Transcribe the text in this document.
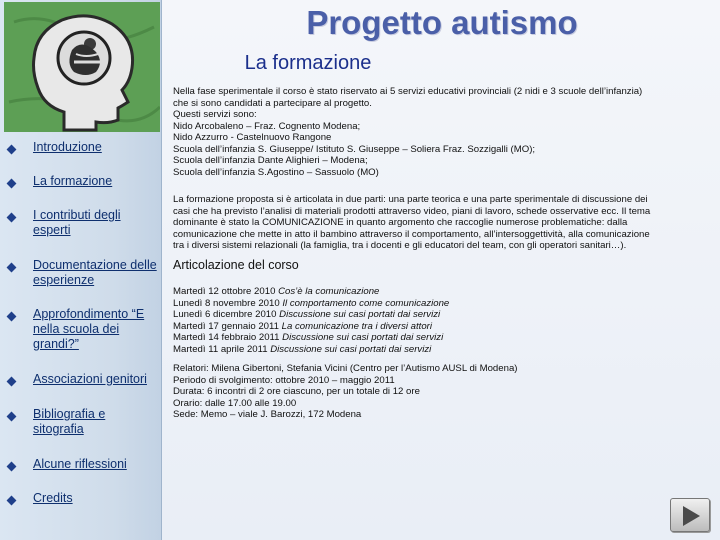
Introduzione
La formazione
I contributi degli esperti
Documentazione delle esperienze
Approfondimento “E nella scuola dei grandi?”
Associazioni genitori
Bibliografia e sitografia
Alcune riflessioni
Credits
Progetto autismo
La formazione

Nella fase sperimentale il corso è stato riservato ai 5 servizi educativi provinciali (2 nidi e 3 scuole dell’infanzia)

che si sono candidati a partecipare al progetto.

Questi servizi sono:

Nido Arcobaleno – Fraz. Cognento Modena;

Nido Azzurro - Castelnuovo Rangone

Scuola dell’infanzia S. Giuseppe/ Istituto S. Giuseppe – Soliera Fraz. Sozzigalli (MO);

Scuola dell’infanzia Dante Alighieri – Modena;

Scuola dell’infanzia S.Agostino – Sassuolo (MO)

La formazione proposta si è articolata in due parti: una parte teorica e una parte sperimentale di discussione dei

casi che ha previsto l’analisi di materiali prodotti attraverso video, piani di lavoro, schede osservative ecc. Il tema

dominante è stato la COMUNICAZIONE in quanto argomento che raccoglie numerose problematiche: dalla

comunicazione che mette in atto il bambino attraverso il comportamento, all’intersoggettività, alla comunicazione

tra i diversi sistemi relazionali (la famiglia, tra i docenti e gli educatori del team, con gli operatori sanitari…).

Articolazione del corso

Martedì 12 ottobre 2010 Cos’è la comunicazione

Lunedì 8 novembre 2010 Il comportamento come comunicazione

Lunedì 6 dicembre 2010 Discussione sui casi portati dai servizi

Martedì 17 gennaio 2011 La comunicazione tra i diversi attori

Martedì 14 febbraio 2011 Discussione sui casi portati dai servizi

Martedì 11 aprile 2011 Discussione sui casi portati dai servizi

Relatori: Milena Gibertoni, Stefania Vicini (Centro per l’Autismo AUSL di Modena)

Periodo di svolgimento: ottobre 2010 – maggio 2011

Durata: 6 incontri di 2 ore ciascuno, per un totale di 12 ore

Orario: dalle 17.00 alle 19.00

Sede: Memo – viale J. Barozzi, 172 Modena
